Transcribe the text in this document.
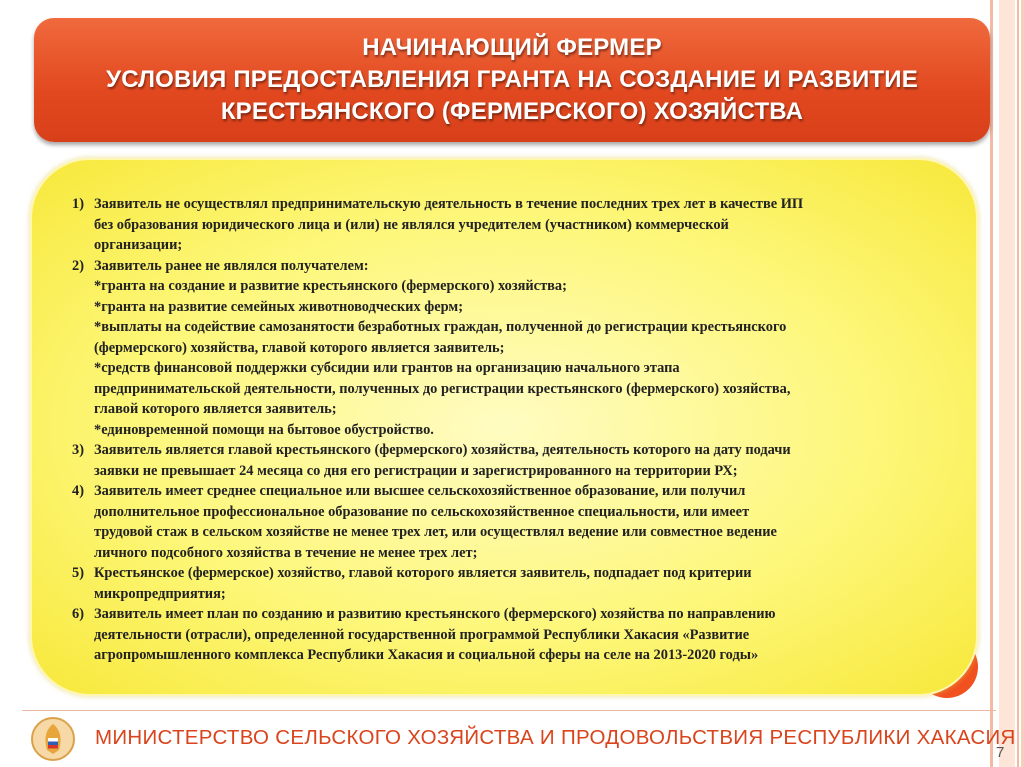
НАЧИНАЮЩИЙ ФЕРМЕР
УСЛОВИЯ ПРЕДОСТАВЛЕНИЯ ГРАНТА НА СОЗДАНИЕ И РАЗВИТИЕ
КРЕСТЬЯНСКОГО (ФЕРМЕРСКОГО) ХОЗЯЙСТВА
1) Заявитель не осуществлял предпринимательскую деятельность в течение последних трех лет в качестве ИП
без образования юридического лица и (или) не являлся учредителем (участником) коммерческой
организации;
2) Заявитель ранее не являлся получателем:
*гранта на создание и развитие крестьянского (фермерского) хозяйства;
*гранта на развитие семейных животноводческих ферм;
*выплаты на содействие самозанятости безработных граждан, полученной до регистрации крестьянского
(фермерского) хозяйства, главой которого является заявитель;
*средств финансовой поддержки субсидии или грантов на организацию начального этапа
предпринимательской деятельности, полученных до регистрации крестьянского (фермерского) хозяйства,
главой которого является заявитель;
*единовременной помощи на бытовое обустройство.
3) Заявитель является главой крестьянского (фермерского) хозяйства, деятельность которого на дату подачи
заявки не превышает 24 месяца со дня его регистрации и зарегистрированного на территории РХ;
4) Заявитель имеет среднее специальное или высшее сельскохозяйственное образование, или получил
дополнительное профессиональное образование по сельскохозяйственное специальности, или имеет
трудовой стаж в сельском хозяйстве не менее трех лет, или осуществлял ведение или совместное ведение
личного подсобного хозяйства в течение не менее трех лет;
5) Крестьянское (фермерское) хозяйство, главой которого является заявитель, подпадает под критерии
микропредприятия;
6) Заявитель имеет план по созданию и развитию крестьянского (фермерского) хозяйства по направлению
деятельности (отрасли), определенной государственной программой Республики Хакасия «Развитие
агропромышленного комплекса Республики Хакасия и социальной сферы на селе на 2013-2020 годы»
МИНИСТЕРСТВО СЕЛЬСКОГО ХОЗЯЙСТВА И ПРОДОВОЛЬСТВИЯ РЕСПУБЛИКИ ХАКАСИЯ
7
